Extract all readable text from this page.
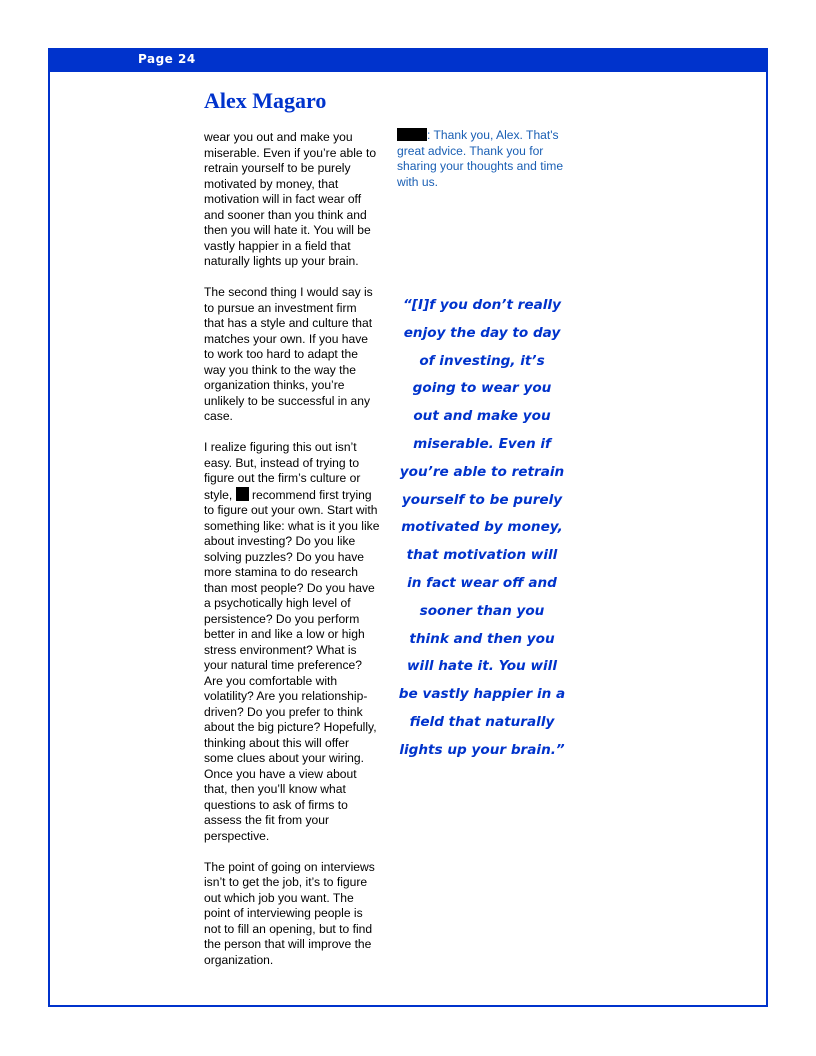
Page 24
Alex Magaro

wear you out and make you miserable. Even if you’re able to retrain yourself to be purely motivated by money, that motivation will in fact wear off and sooner than you think and then you will hate it. You will be vastly happier in a field that naturally lights up your brain.

The second thing I would say is to pursue an investment firm that has a style and culture that matches your own. If you have to work too hard to adapt the way you think to the way the organization thinks, you’re unlikely to be successful in any case.

I realize figuring this out isn’t easy. But, instead of trying to figure out the firm’s culture or style,  recommend first trying to figure out your own. Start with something like: what is it you like about investing? Do you like solving puzzles? Do you have more stamina to do research than most people? Do you have a psychotically high level of persistence? Do you perform better in and like a low or high stress environment? What is your natural time preference? Are you comfortable with volatility? Are you relationship-driven? Do you prefer to think about the big picture? Hopefully, thinking about this will offer some clues about your wiring. Once you have a view about that, then you’ll know what questions to ask of firms to assess the fit from your perspective.

The point of going on interviews isn’t to get the job, it’s to figure out which job you want. The point of interviewing people is not to fill an opening, but to find the person that will improve the organization.

: Thank you, Alex. That's great advice. Thank you for sharing your thoughts and time with us.

“[I]f you don’t really enjoy the day to day of investing, it’s going to wear you out and make you miserable. Even if you’re able to retrain yourself to be purely motivated by money, that motivation will in fact wear off and sooner than you think and then you will hate it. You will be vastly happier in a field that naturally lights up your brain.”
